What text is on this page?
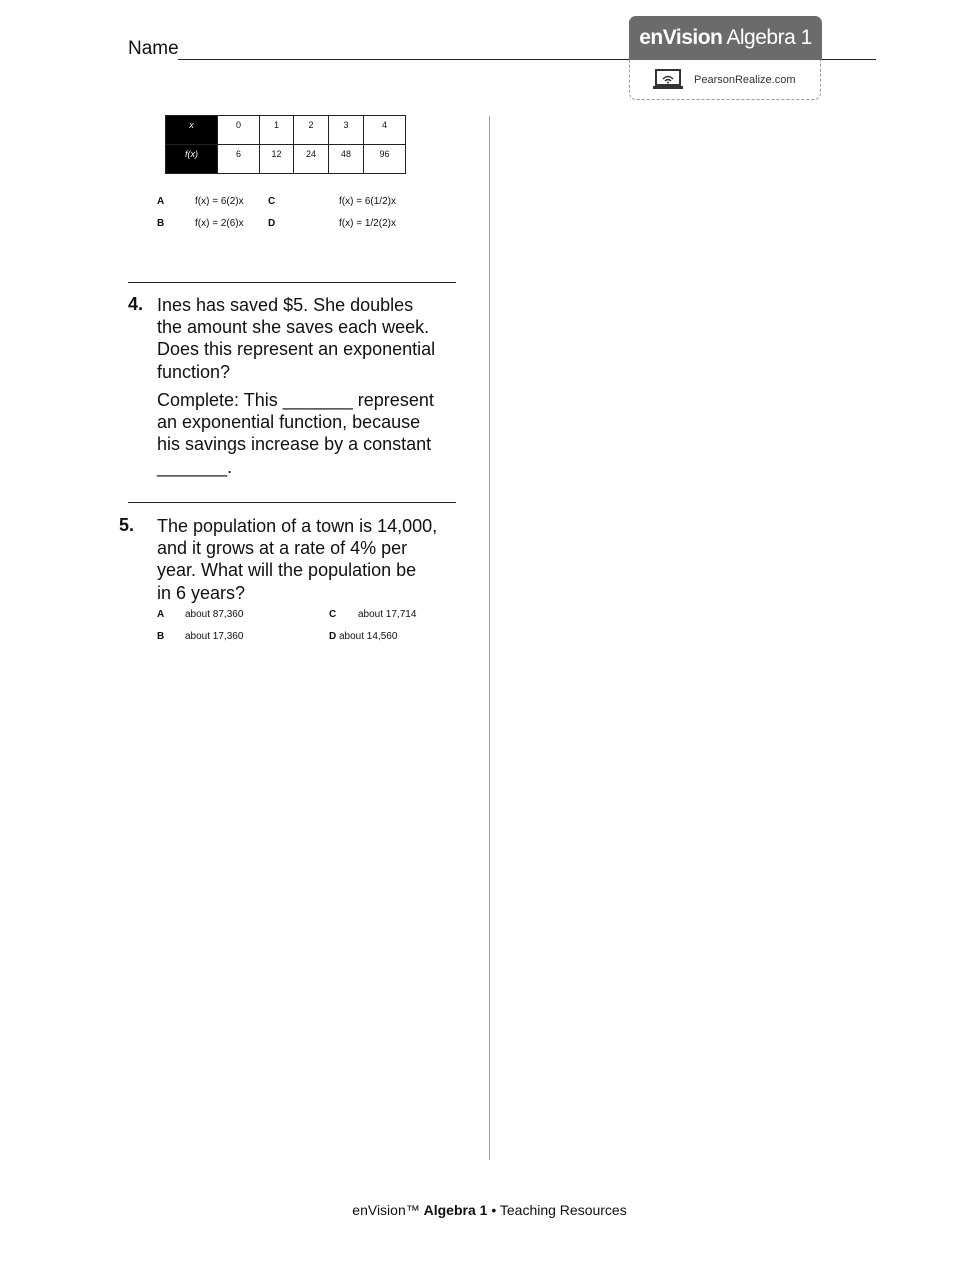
Name	enVision Algebra 1
PearsonRealize.com
x	0	1	2	3	4
f(x)	6	12	24	48	96
A	f(x) = 6(2)x C	f(x) = 6(1/2)x
B	f(x) = 2(6)x D	f(x) = 1/2(2)x
4. Ines has saved $5. She doubles
the amount she saves each week.
Does this represent an exponential
function?
Complete: This _______ represent
an exponential function, because
his savings increase by a constant
_______.
5. The population of a town is 14,000,
and it grows at a rate of 4% per
year. What will the population be
in 6 years?
A about 87,360	C about 17,714
B about 17,360	D about 14,560
enVision™ Algebra 1 • Teaching Resources
